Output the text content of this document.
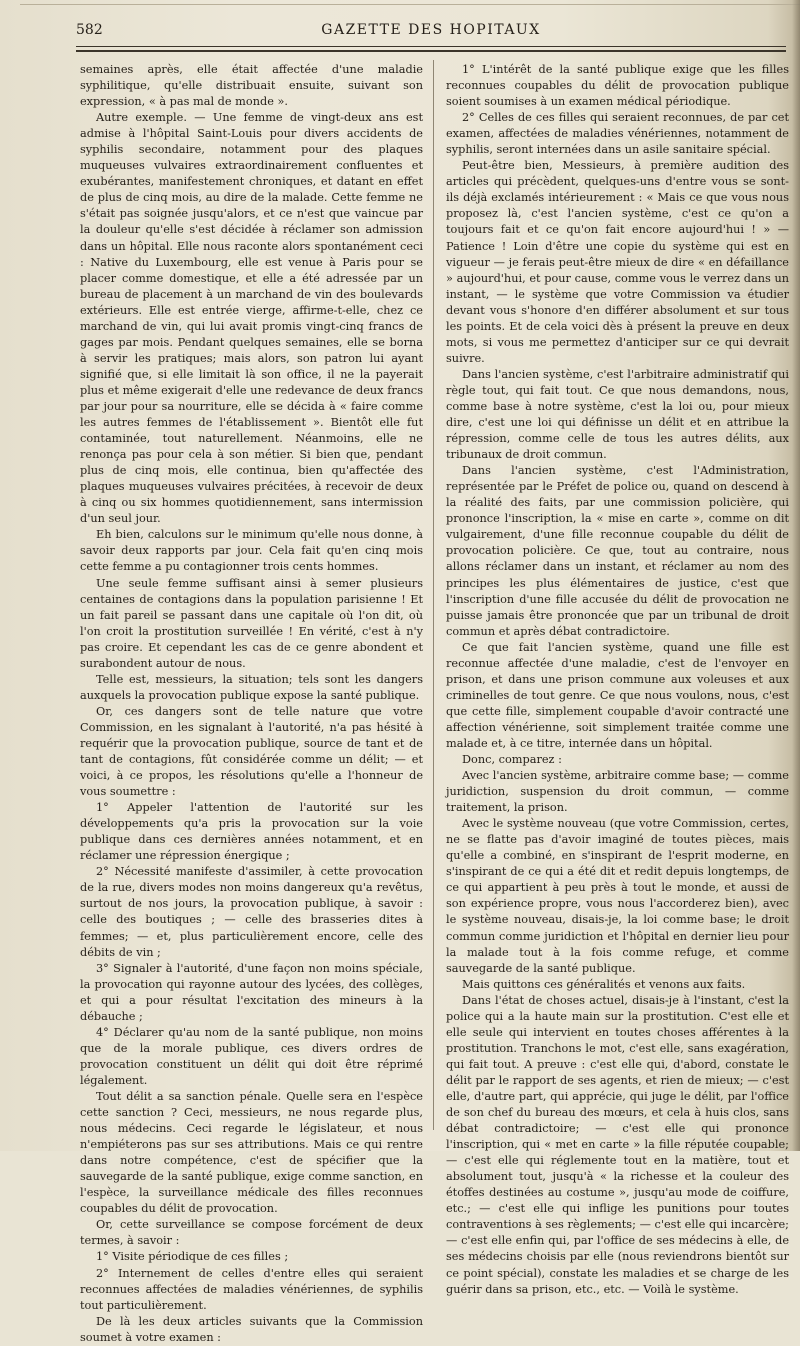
582	GAZETTE DES HOPITAUX

semaines après, elle était affectée d'une maladie syphilitique, qu'elle distribuait ensuite, suivant son expression, « à pas mal de monde ».

Autre exemple. — Une femme de vingt-deux ans est admise à l'hôpital Saint-Louis pour divers accidents de syphilis secondaire, notamment pour des plaques muqueuses vulvaires extraordinairement confluentes et exubérantes, manifestement chroniques, et datant en effet de plus de cinq mois, au dire de la malade. Cette femme ne s'était pas soignée jusqu'alors, et ce n'est que vaincue par la douleur qu'elle s'est décidée à réclamer son admission dans un hôpital. Elle nous raconte alors spontanément ceci : Native du Luxembourg, elle est venue à Paris pour se placer comme domestique, et elle a été adressée par un bureau de placement à un marchand de vin des boulevards extérieurs. Elle est entrée vierge, affirme-t-elle, chez ce marchand de vin, qui lui avait promis vingt-cinq francs de gages par mois. Pendant quelques semaines, elle se borna à servir les pratiques; mais alors, son patron lui ayant signifié que, si elle limitait là son office, il ne la payerait plus et même exigerait d'elle une redevance de deux francs par jour pour sa nourriture, elle se décida à « faire comme les autres femmes de l'établissement ». Bientôt elle fut contaminée, tout naturellement. Néanmoins, elle ne renonça pas pour cela à son métier. Si bien que, pendant plus de cinq mois, elle continua, bien qu'affectée des plaques muqueuses vulvaires précitées, à recevoir de deux à cinq ou six hommes quotidiennement, sans intermission d'un seul jour.

Eh bien, calculons sur le minimum qu'elle nous donne, à savoir deux rapports par jour. Cela fait qu'en cinq mois cette femme a pu contagionner trois cents hommes.

Une seule femme suffisant ainsi à semer plusieurs centaines de contagions dans la population parisienne ! Et un fait pareil se passant dans une capitale où l'on dit, où l'on croit la prostitution surveillée ! En vérité, c'est à n'y pas croire. Et cependant les cas de ce genre abondent et surabondent autour de nous.

Telle est, messieurs, la situation; tels sont les dangers auxquels la provocation publique expose la santé publique.

Or, ces dangers sont de telle nature que votre Commission, en les signalant à l'autorité, n'a pas hésité à requérir que la provocation publique, source de tant et de tant de contagions, fût considérée comme un délit; — et voici, à ce propos, les résolutions qu'elle a l'honneur de vous soumettre :

1° Appeler l'attention de l'autorité sur les développements qu'a pris la provocation sur la voie publique dans ces dernières années notamment, et en réclamer une répression énergique ;

2° Nécessité manifeste d'assimiler, à cette provocation de la rue, divers modes non moins dangereux qu'a revêtus, surtout de nos jours, la provocation publique, à savoir : celle des boutiques ; — celle des brasseries dites à femmes; — et, plus particulièrement encore, celle des débits de vin ;

3° Signaler à l'autorité, d'une façon non moins spéciale, la provocation qui rayonne autour des lycées, des collèges, et qui a pour résultat l'excitation des mineurs à la débauche ;

4° Déclarer qu'au nom de la santé publique, non moins que de la morale publique, ces divers ordres de provocation constituent un délit qui doit être réprimé légalement.

Tout délit a sa sanction pénale. Quelle sera en l'espèce cette sanction ? Ceci, messieurs, ne nous regarde plus, nous médecins. Ceci regarde le législateur, et nous n'empiéterons pas sur ses attributions. Mais ce qui rentre dans notre compétence, c'est de spécifier que la sauvegarde de la santé publique, exige comme sanction, en l'espèce, la surveillance médicale des filles reconnues coupables du délit de provocation.

Or, cette surveillance se compose forcément de deux termes, à savoir :

1° Visite périodique de ces filles ;

2° Internement de celles d'entre elles qui seraient reconnues affectées de maladies vénériennes, de syphilis tout particulièrement.

De là les deux articles suivants que la Commission soumet à votre examen :

1° L'intérêt de la santé publique exige que les filles reconnues coupables du délit de provocation publique soient soumises à un examen médical périodique.

2° Celles de ces filles qui seraient reconnues, de par cet examen, affectées de maladies vénériennes, notamment de syphilis, seront internées dans un asile sanitaire spécial.

Peut-être bien, Messieurs, à première audition des articles qui précèdent, quelques-uns d'entre vous se sont-ils déjà exclamés intérieurement : « Mais ce que vous nous proposez là, c'est l'ancien système, c'est ce qu'on a toujours fait et ce qu'on fait encore aujourd'hui ! » — Patience ! Loin d'être une copie du système qui est en vigueur — je ferais peut-être mieux de dire « en défaillance » aujourd'hui, et pour cause, comme vous le verrez dans un instant, — le système que votre Commission va étudier devant vous s'honore d'en différer absolument et sur tous les points. Et de cela voici dès à présent la preuve en deux mots, si vous me permettez d'anticiper sur ce qui devrait suivre.

Dans l'ancien système, c'est l'arbitraire administratif qui règle tout, qui fait tout. Ce que nous demandons, nous, comme base à notre système, c'est la loi ou, pour mieux dire, c'est une loi qui définisse un délit et en attribue la répression, comme celle de tous les autres délits, aux tribunaux de droit commun.

Dans l'ancien système, c'est l'Administration, représentée par le Préfet de police ou, quand on descend à la réalité des faits, par une commission policière, qui prononce l'inscription, la « mise en carte », comme on dit vulgairement, d'une fille reconnue coupable du délit de provocation policière. Ce que, tout au contraire, nous allons réclamer dans un instant, et réclamer au nom des principes les plus élémentaires de justice, c'est que l'inscription d'une fille accusée du délit de provocation ne puisse jamais être prononcée que par un tribunal de droit commun et après débat contradictoire.

Ce que fait l'ancien système, quand une fille est reconnue affectée d'une maladie, c'est de l'envoyer en prison, et dans une prison commune aux voleuses et aux criminelles de tout genre. Ce que nous voulons, nous, c'est que cette fille, simplement coupable d'avoir contracté une affection vénérienne, soit simplement traitée comme une malade et, à ce titre, internée dans un hôpital.

Donc, comparez :

Avec l'ancien système, arbitraire comme base; — comme juridiction, suspension du droit commun, — comme traitement, la prison.

Avec le système nouveau (que votre Commission, certes, ne se flatte pas d'avoir imaginé de toutes pièces, mais qu'elle a combiné, en s'inspirant de l'esprit moderne, en s'inspirant de ce qui a été dit et redit depuis longtemps, de ce qui appartient à peu près à tout le monde, et aussi de son expérience propre, vous nous l'accorderez bien), avec le système nouveau, disais-je, la loi comme base; le droit commun comme juridiction et l'hôpital en dernier lieu pour la malade tout à la fois comme refuge, et comme sauvegarde de la santé publique.

Mais quittons ces généralités et venons aux faits.

Dans l'état de choses actuel, disais-je à l'instant, c'est la police qui a la haute main sur la prostitution. C'est elle et elle seule qui intervient en toutes choses afférentes à la prostitution. Tranchons le mot, c'est elle, sans exagération, qui fait tout. A preuve : c'est elle qui, d'abord, constate le délit par le rapport de ses agents, et rien de mieux; — c'est elle, d'autre part, qui apprécie, qui juge le délit, par l'office de son chef du bureau des mœurs, et cela à huis clos, sans débat contradictoire; — c'est elle qui prononce l'inscription, qui « met en carte » la fille réputée coupable; — c'est elle qui réglemente tout en la matière, tout et absolument tout, jusqu'à « la richesse et la couleur des étoffes destinées au costume », jusqu'au mode de coiffure, etc.; — c'est elle qui inflige les punitions pour toutes contraventions à ses règlements; — c'est elle qui incarcère; — c'est elle enfin qui, par l'office de ses médecins à elle, de ses médecins choisis par elle (nous reviendrons bientôt sur ce point spécial), constate les maladies et se charge de les guérir dans sa prison, etc., etc. — Voilà le système.
